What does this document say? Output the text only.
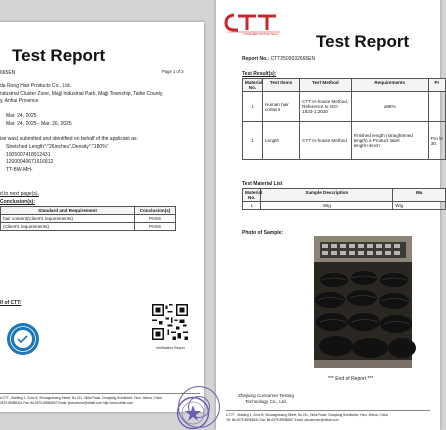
Test Report
Page 1 of 3
665EN
da Rong Hair Products Co., Ltd.
ndustrial Cluster Zone, Majji Industrial Park, Majji Township, Taihe County,
y, Anhui Province
Mar. 24, 2025
Mar. 24, 2025 - Mar. 26, 2025
ise was) submitted and identified on behalf of the applicant as:
Stretched Length":"26inches",Density":"180%"
1005007418912431
12000040671616812
TT-BW-MH-
d to next page(s).
Conclusion(s):
Standard and Requirement	Conclusion(s)
hair content(Client's requirements)	PASS
(Client's requirements)	PASS
lf of CTT:
Verification Report
# CTT , Building 1, Zone B, Shuangshuang Street, No.211, Xinke Road, Chaojiang Subdistrict, Yiwu, Jinhua, China
0579-89986341 Fax: 86-0579-89986567 Email: yiwuservice@cttlab.com http://www.cttlab.com
CONSUMER TESTING TECH Test Report
Report No.: CTT2503032665EN
Test Result(s):
Material No.	Test Items	Test Method	Requirements	Pr
1	Human hair content	CTT In-house Method, Reference to ISO 1833-1:2020	≥98%	
1	Length	CTT In-house Method	Finished length (straightened length) ≥ Product label length+4inch	Pro le 30.
Test Material List
Material No.	Sample Description	Ma
1	Wig	Wig
Photo of Sample:
*** End of Report ***
Zhejiang Consumer Testing Technology Co., Ltd.
# CTT , Building 1, Zone B, Shuangshuang Street, No.211, Xinke Road, Chaojiang Subdistrict, Yiwu, Jinhua, China
Tel: 86-0579-89986341 Fax: 86-0579-89986567 Email: yiwuservice@cttlab.com
